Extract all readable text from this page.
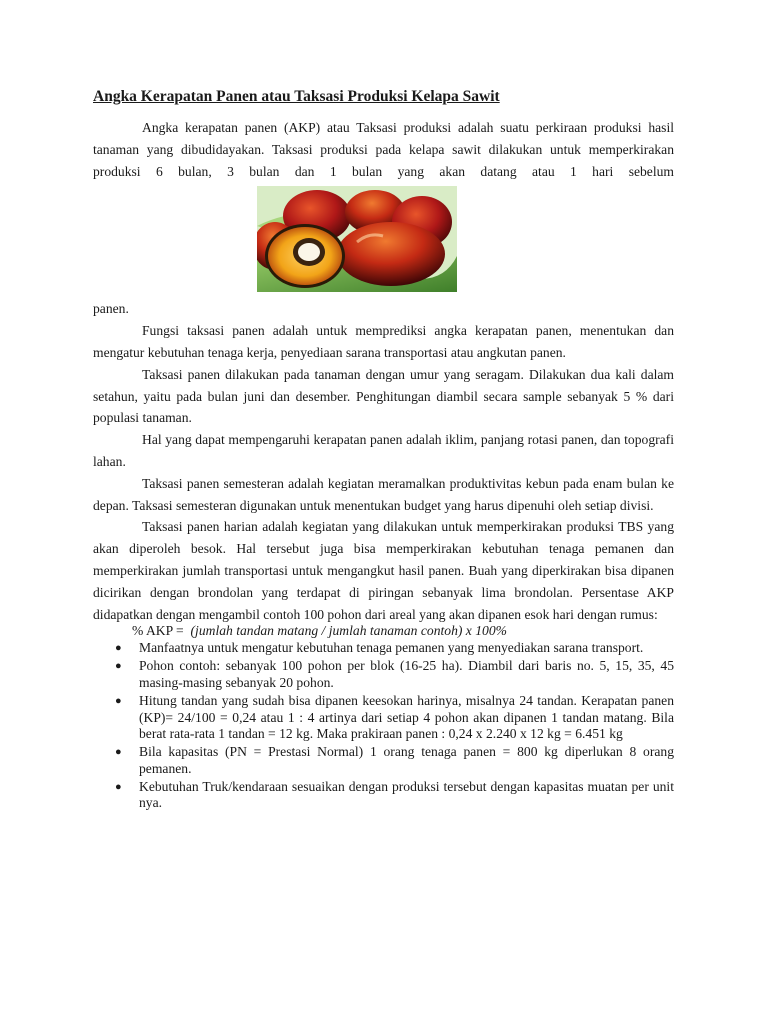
Angka Kerapatan Panen atau Taksasi Produksi Kelapa Sawit

Angka kerapatan panen (AKP) atau Taksasi produksi adalah suatu perkiraan produksi hasil tanaman yang dibudidayakan. Taksasi produksi pada kelapa sawit dilakukan untuk memperkirakan produksi 6 bulan, 3 bulan dan 1 bulan yang akan datang atau 1 hari sebelum

panen.

Fungsi taksasi panen adalah untuk memprediksi angka kerapatan panen, menentukan dan mengatur kebutuhan tenaga kerja, penyediaan sarana transportasi atau angkutan panen.

Taksasi panen dilakukan pada tanaman dengan umur yang seragam. Dilakukan dua kali dalam setahun, yaitu pada bulan juni dan desember. Penghitungan diambil secara sample sebanyak 5 % dari populasi tanaman.

Hal yang dapat mempengaruhi kerapatan panen adalah iklim, panjang rotasi panen, dan topografi lahan.

Taksasi panen semesteran adalah kegiatan meramalkan produktivitas kebun pada enam bulan ke depan. Taksasi semesteran digunakan untuk menentukan budget yang harus dipenuhi oleh setiap divisi.

Taksasi panen harian adalah kegiatan yang dilakukan untuk memperkirakan produksi TBS yang akan diperoleh besok. Hal tersebut juga bisa memperkirakan kebutuhan tenaga pemanen dan memperkirakan jumlah transportasi untuk mengangkut hasil panen. Buah yang diperkirakan bisa dipanen dicirikan dengan brondolan yang terdapat di piringan sebanyak lima brondolan. Persentase AKP didapatkan dengan mengambil contoh 100 pohon dari areal yang akan dipanen esok hari dengan rumus:

% AKP = (jumlah tandan matang / jumlah tanaman contoh) x 100%

● Manfaatnya untuk mengatur kebutuhan tenaga pemanen yang menyediakan sarana transport.
● Pohon contoh: sebanyak 100 pohon per blok (16-25 ha). Diambil dari baris no. 5, 15, 35, 45 masing-masing sebanyak 20 pohon.
● Hitung tandan yang sudah bisa dipanen keesokan harinya, misalnya 24 tandan. Kerapatan panen (KP)= 24/100 = 0,24 atau 1 : 4 artinya dari setiap 4 pohon akan dipanen 1 tandan matang. Bila berat rata-rata 1 tandan = 12 kg. Maka prakiraan panen : 0,24 x 2.240 x 12 kg = 6.451 kg
● Bila kapasitas (PN = Prestasi Normal) 1 orang tenaga panen = 800 kg diperlukan 8 orang pemanen.
● Kebutuhan Truk/kendaraan sesuaikan dengan produksi tersebut dengan kapasitas muatan per unit nya.
